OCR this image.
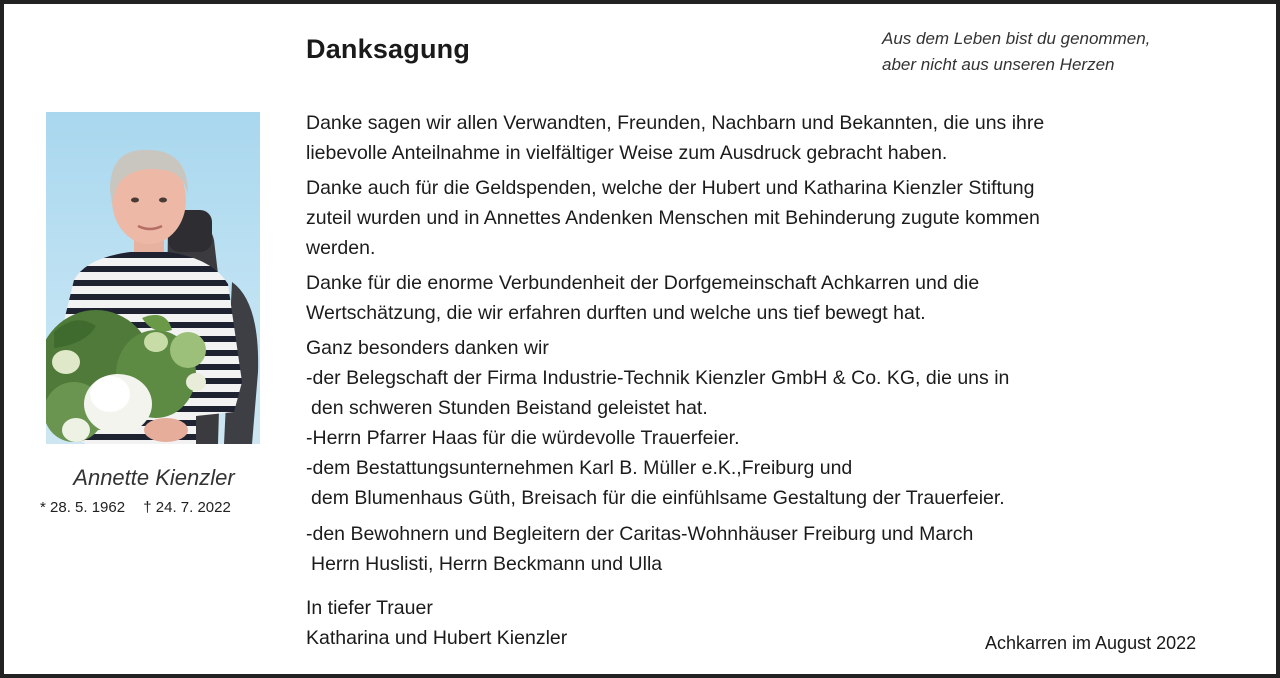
Danksagung	Aus dem Leben bist du genommen,
aber nicht aus unseren Herzen
Annette Kienzler
* 28. 5. 1962 † 24. 7. 2022
Danke sagen wir allen Verwandten, Freunden, Nachbarn und Bekannten, die uns ihre
liebevolle Anteilnahme in vielfältiger Weise zum Ausdruck gebracht haben.
Danke auch für die Geldspenden, welche der Hubert und Katharina Kienzler Stiftung
zuteil wurden und in Annettes Andenken Menschen mit Behinderung zugute kommen
werden.
Danke für die enorme Verbundenheit der Dorfgemeinschaft Achkarren und die
Wertschätzung, die wir erfahren durften und welche uns tief bewegt hat.
Ganz besonders danken wir
-der Belegschaft der Firma Industrie-Technik Kienzler GmbH & Co. KG, die uns in
den schweren Stunden Beistand geleistet hat.
-Herrn Pfarrer Haas für die würdevolle Trauerfeier.
-dem Bestattungsunternehmen Karl B. Müller e.K.,Freiburg und
dem Blumenhaus Güth, Breisach für die einfühlsame Gestaltung der Trauerfeier.
-den Bewohnern und Begleitern der Caritas-Wohnhäuser Freiburg und March
Herrn Huslisti, Herrn Beckmann und Ulla
In tiefer Trauer
Katharina und Hubert Kienzler	Achkarren im August 2022
